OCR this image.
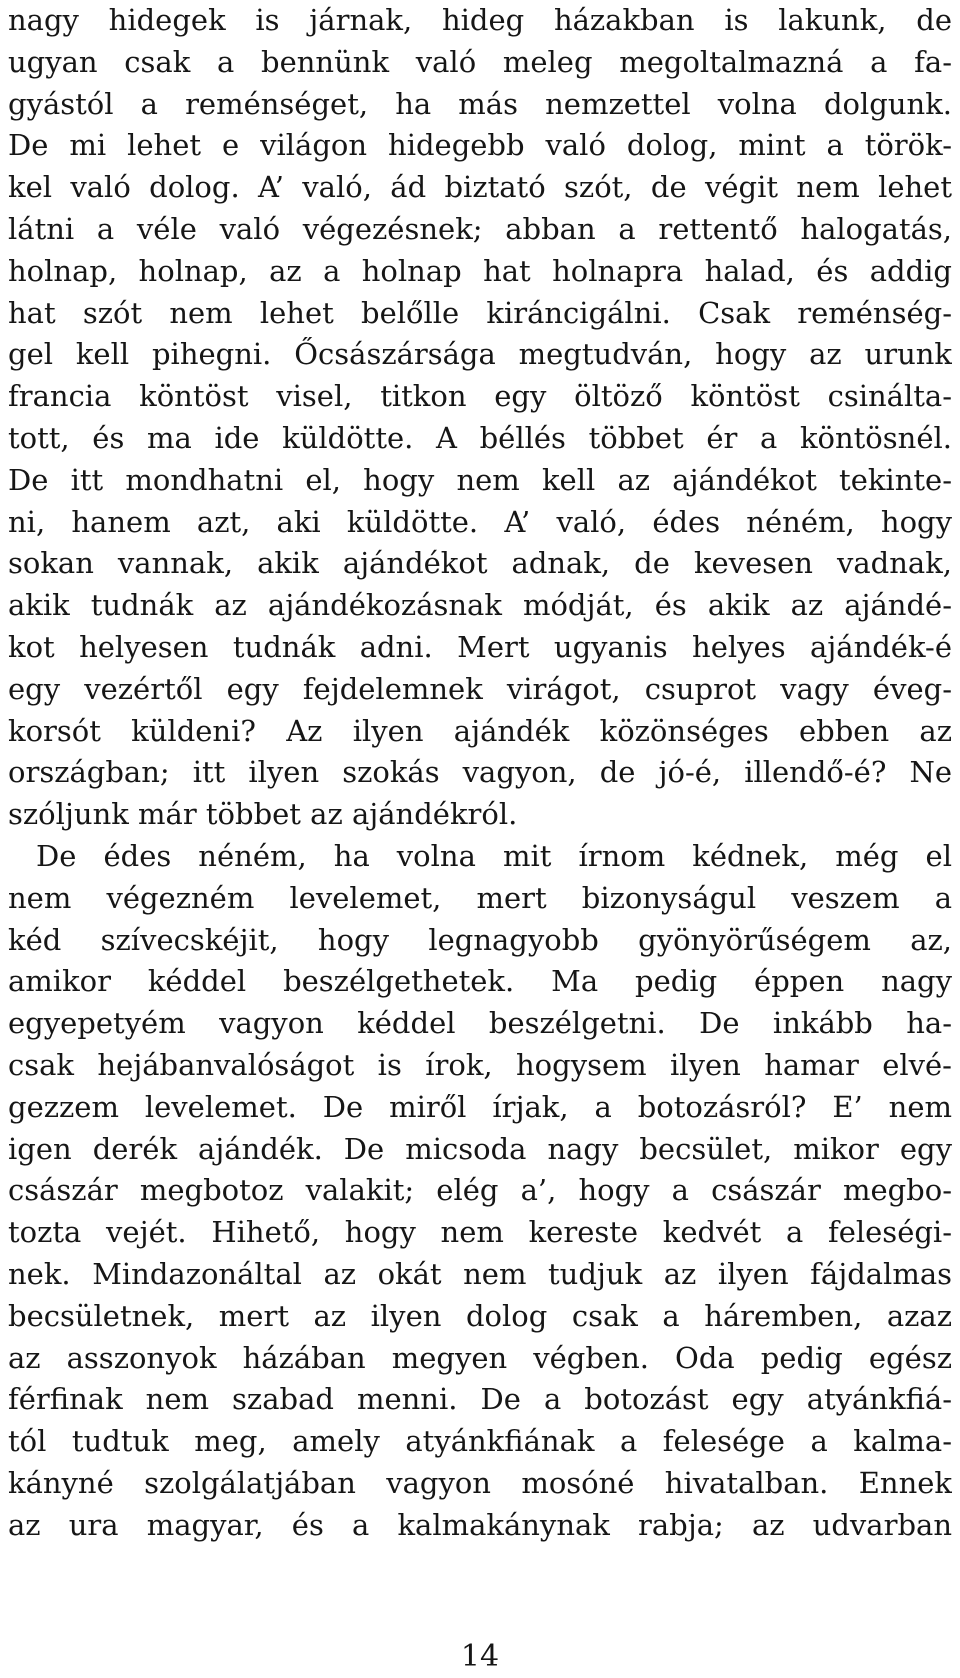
nagy hidegek is járnak, hideg házakban is lakunk, de
ugyan csak a bennünk való meleg megoltalmazná a fa-
gyástól a reménséget, ha más nemzettel volna dolgunk.
De mi lehet e világon hidegebb való dolog, mint a török-
kel való dolog. A’ való, ád biztató szót, de végit nem lehet
látni a véle való végezésnek; abban a rettentő halogatás,
holnap, holnap, az a holnap hat holnapra halad, és addig
hat szót nem lehet belőlle kiráncigálni. Csak reménség-
gel kell pihegni. Őcsászársága megtudván, hogy az urunk
francia köntöst visel, titkon egy öltöző köntöst csinálta-
tott, és ma ide küldötte. A béllés többet ér a köntösnél.
De itt mondhatni el, hogy nem kell az ajándékot tekinte-
ni, hanem azt, aki küldötte. A’ való, édes néném, hogy
sokan vannak, akik ajándékot adnak, de kevesen vadnak,
akik tudnák az ajándékozásnak módját, és akik az ajándé-
kot helyesen tudnák adni. Mert ugyanis helyes ajándék-é
egy vezértől egy fejdelemnek virágot, csuprot vagy éveg-
korsót küldeni? Az ilyen ajándék közönséges ebben az
országban; itt ilyen szokás vagyon, de jó-é, illendő-é? Ne
szóljunk már többet az ajándékról.
De édes néném, ha volna mit írnom kédnek, még el
nem végezném levelemet, mert bizonyságul veszem a
kéd szívecskéjit, hogy legnagyobb gyönyörűségem az,
amikor kéddel beszélgethetek. Ma pedig éppen nagy
egyepetyém vagyon kéddel beszélgetni. De inkább ha-
csak hejábanvalóságot is írok, hogysem ilyen hamar elvé-
gezzem levelemet. De miről írjak, a botozásról? E’ nem
igen derék ajándék. De micsoda nagy becsület, mikor egy
császár megbotoz valakit; elég a’, hogy a császár megbo-
tozta vejét. Hihető, hogy nem kereste kedvét a feleségi-
nek. Mindazonáltal az okát nem tudjuk az ilyen fájdalmas
becsületnek, mert az ilyen dolog csak a háremben, azaz
az asszonyok házában megyen végben. Oda pedig egész
férfinak nem szabad menni. De a botozást egy atyánkfiá-
tól tudtuk meg, amely atyánkfiának a felesége a kalma-
kányné szolgálatjában vagyon mosóné hivatalban. Ennek
az ura magyar, és a kalmakánynak rabja; az udvarban
14
